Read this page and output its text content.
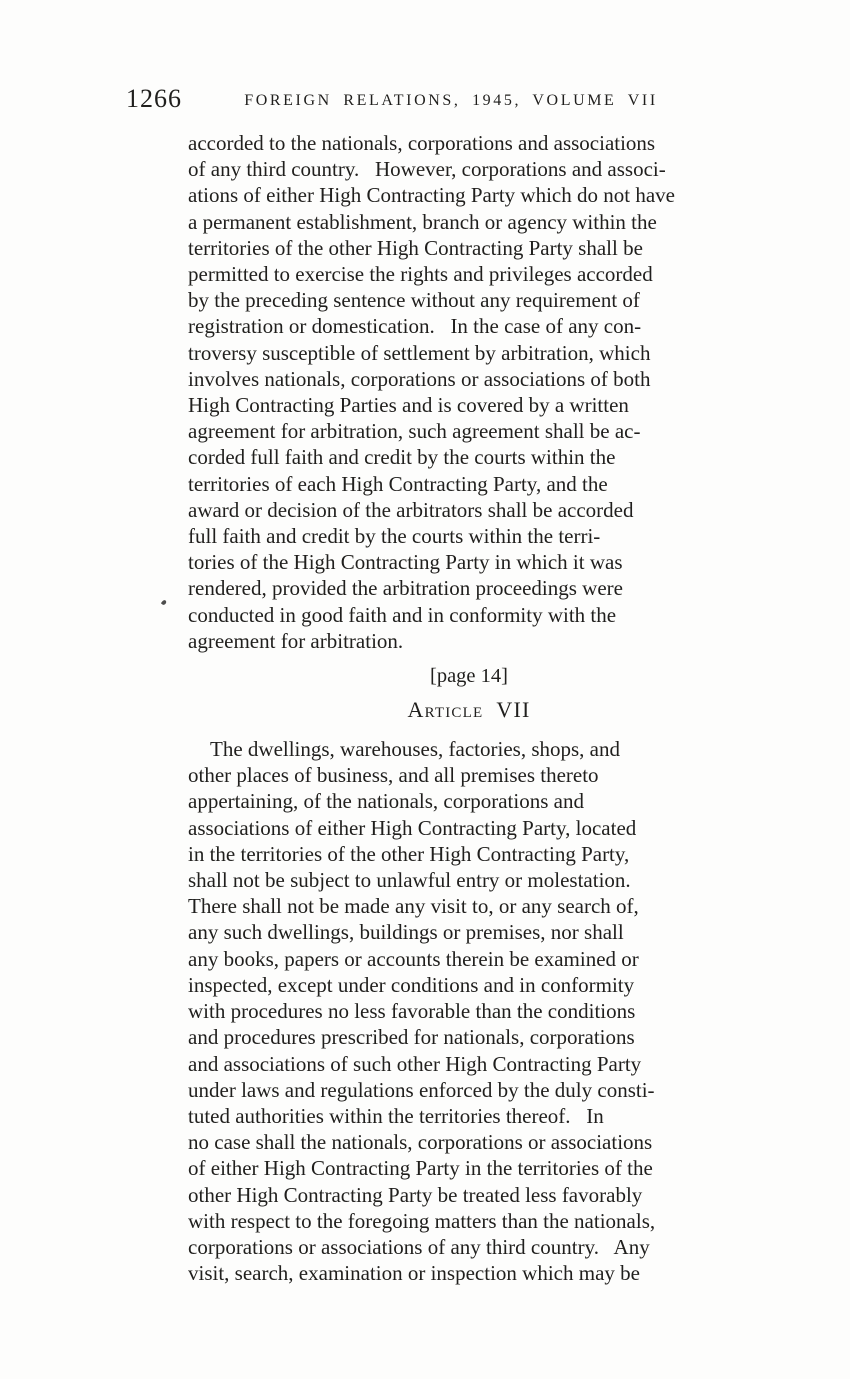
1266	FOREIGN RELATIONS, 1945, VOLUME VII
accorded to the nationals, corporations and associations
of any third country.   However, corporations and associ-
ations of either High Contracting Party which do not have
a permanent establishment, branch or agency within the
territories of the other High Contracting Party shall be
permitted to exercise the rights and privileges accorded
by the preceding sentence without any requirement of
registration or domestication.   In the case of any con-
troversy susceptible of settlement by arbitration, which
involves nationals, corporations or associations of both
High Contracting Parties and is covered by a written
agreement for arbitration, such agreement shall be ac-
corded full faith and credit by the courts within the
territories of each High Contracting Party, and the
award or decision of the arbitrators shall be accorded
full faith and credit by the courts within the terri-
tories of the High Contracting Party in which it was
rendered, provided the arbitration proceedings were
conducted in good faith and in conformity with the
agreement for arbitration.
[page 14]
Article  VII
The dwellings, warehouses, factories, shops, and
other places of business, and all premises thereto
appertaining, of the nationals, corporations and
associations of either High Contracting Party, located
in the territories of the other High Contracting Party,
shall not be subject to unlawful entry or molestation.
There shall not be made any visit to, or any search of,
any such dwellings, buildings or premises, nor shall
any books, papers or accounts therein be examined or
inspected, except under conditions and in conformity
with procedures no less favorable than the conditions
and procedures prescribed for nationals, corporations
and associations of such other High Contracting Party
under laws and regulations enforced by the duly consti-
tuted authorities within the territories thereof.   In
no case shall the nationals, corporations or associations
of either High Contracting Party in the territories of the
other High Contracting Party be treated less favorably
with respect to the foregoing matters than the nationals,
corporations or associations of any third country.   Any
visit, search, examination or inspection which may be
